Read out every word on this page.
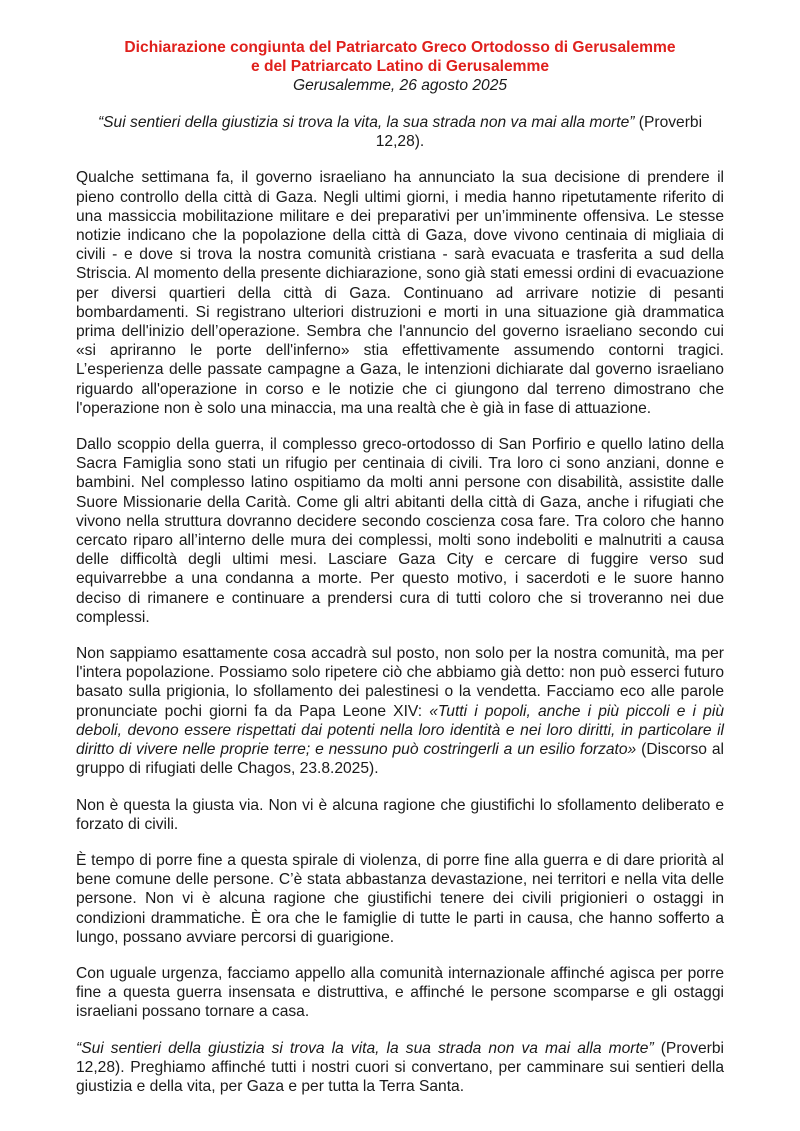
Dichiarazione congiunta del Patriarcato Greco Ortodosso di Gerusalemme

e del Patriarcato Latino di Gerusalemme

Gerusalemme, 26 agosto 2025

“Sui sentieri della giustizia si trova la vita, la sua strada non va mai alla morte” (Proverbi 12,28).

Qualche settimana fa, il governo israeliano ha annunciato la sua decisione di prendere il pieno controllo della città di Gaza. Negli ultimi giorni, i media hanno ripetutamente riferito di una massiccia mobilitazione militare e dei preparativi per un’imminente offensiva. Le stesse notizie indicano che la popolazione della città di Gaza, dove vivono centinaia di migliaia di civili - e dove si trova la nostra comunità cristiana - sarà evacuata e trasferita a sud della Striscia. Al momento della presente dichiarazione, sono già stati emessi ordini di evacuazione per diversi quartieri della città di Gaza. Continuano ad arrivare notizie di pesanti bombardamenti. Si registrano ulteriori distruzioni e morti in una situazione già drammatica prima dell'inizio dell’operazione. Sembra che l'annuncio del governo israeliano secondo cui «si apriranno le porte dell'inferno» stia effettivamente assumendo contorni tragici. L’esperienza delle passate campagne a Gaza, le intenzioni dichiarate dal governo israeliano riguardo all'operazione in corso e le notizie che ci giungono dal terreno dimostrano che l'operazione non è solo una minaccia, ma una realtà che è già in fase di attuazione.

Dallo scoppio della guerra, il complesso greco-ortodosso di San Porfirio e quello latino della Sacra Famiglia sono stati un rifugio per centinaia di civili. Tra loro ci sono anziani, donne e bambini. Nel complesso latino ospitiamo da molti anni persone con disabilità, assistite dalle Suore Missionarie della Carità. Come gli altri abitanti della città di Gaza, anche i rifugiati che vivono nella struttura dovranno decidere secondo coscienza cosa fare. Tra coloro che hanno cercato riparo all’interno delle mura dei complessi, molti sono indeboliti e malnutriti a causa delle difficoltà degli ultimi mesi. Lasciare Gaza City e cercare di fuggire verso sud equivarrebbe a una condanna a morte. Per questo motivo, i sacerdoti e le suore hanno deciso di rimanere e continuare a prendersi cura di tutti coloro che si troveranno nei due complessi.

Non sappiamo esattamente cosa accadrà sul posto, non solo per la nostra comunità, ma per l'intera popolazione. Possiamo solo ripetere ciò che abbiamo già detto: non può esserci futuro basato sulla prigionia, lo sfollamento dei palestinesi o la vendetta. Facciamo eco alle parole pronunciate pochi giorni fa da Papa Leone XIV: «Tutti i popoli, anche i più piccoli e i più deboli, devono essere rispettati dai potenti nella loro identità e nei loro diritti, in particolare il diritto di vivere nelle proprie terre; e nessuno può costringerli a un esilio forzato» (Discorso al gruppo di rifugiati delle Chagos, 23.8.2025).

Non è questa la giusta via. Non vi è alcuna ragione che giustifichi lo sfollamento deliberato e forzato di civili.

È tempo di porre fine a questa spirale di violenza, di porre fine alla guerra e di dare priorità al bene comune delle persone. C’è stata abbastanza devastazione, nei territori e nella vita delle persone. Non vi è alcuna ragione che giustifichi tenere dei civili prigionieri o ostaggi in condizioni drammatiche. È ora che le famiglie di tutte le parti in causa, che hanno sofferto a lungo, possano avviare percorsi di guarigione.

Con uguale urgenza, facciamo appello alla comunità internazionale affinché agisca per porre fine a questa guerra insensata e distruttiva, e affinché le persone scomparse e gli ostaggi israeliani possano tornare a casa.

“Sui sentieri della giustizia si trova la vita, la sua strada non va mai alla morte” (Proverbi 12,28). Preghiamo affinché tutti i nostri cuori si convertano, per camminare sui sentieri della giustizia e della vita, per Gaza e per tutta la Terra Santa.
